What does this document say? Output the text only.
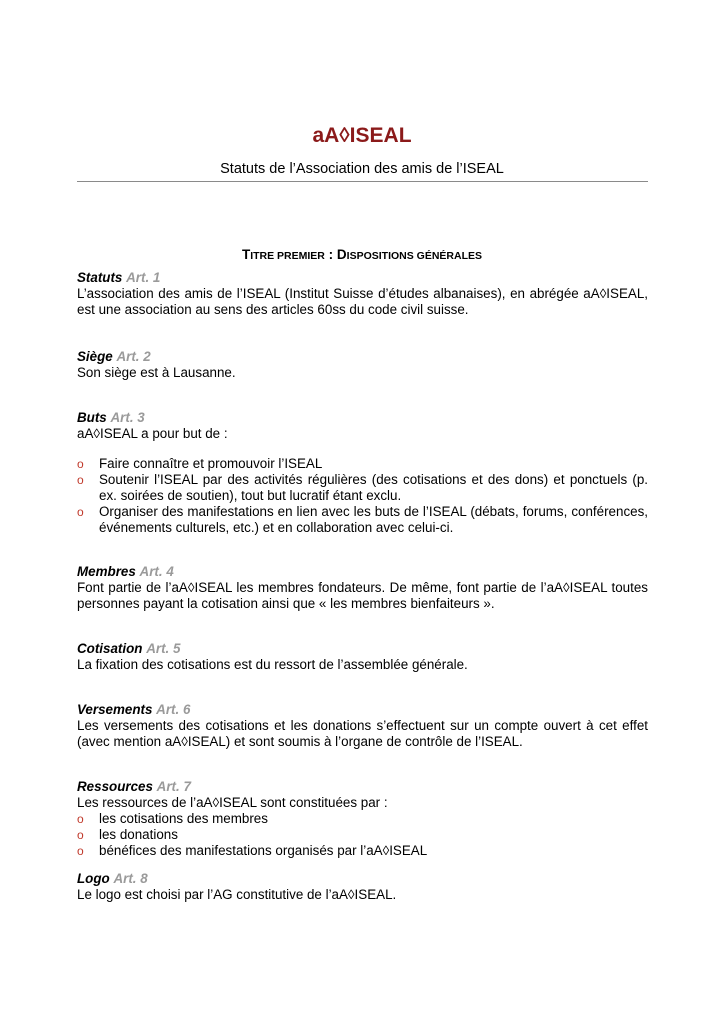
aA◊ISEAL
Statuts de l’Association des amis de l’ISEAL
TITRE PREMIER : DISPOSITIONS GÉNÉRALES
Statuts Art. 1

L’association des amis de l’ISEAL (Institut Suisse d’études albanaises), en abrégée aA◊ISEAL, est une association au sens des articles 60ss du code civil suisse.

Siège Art. 2

Son siège est à Lausanne.

Buts Art. 3

aA◊ISEAL a pour but de :

o Faire connaître et promouvoir l’ISEAL
o Soutenir l’ISEAL par des activités régulières (des cotisations et des dons) et ponctuels (p. ex. soirées de soutien), tout but lucratif étant exclu.
o Organiser des manifestations en lien avec les buts de l’ISEAL (débats, forums, conférences, événements culturels, etc.) et en collaboration avec celui-ci.
Membres Art. 4

Font partie de l’aA◊ISEAL les membres fondateurs. De même, font partie de l’aA◊ISEAL toutes personnes payant la cotisation ainsi que « les membres bienfaiteurs ».

Cotisation Art. 5

La fixation des cotisations est du ressort de l’assemblée générale.

Versements Art. 6

Les versements des cotisations et les donations s’effectuent sur un compte ouvert à cet effet (avec mention aA◊ISEAL) et sont soumis à l’organe de contrôle de l’ISEAL.

Ressources Art. 7

Les ressources de l’aA◊ISEAL sont constituées par :

o les cotisations des membres
o les donations
o bénéfices des manifestations organisés par l’aA◊ISEAL
Logo Art. 8

Le logo est choisi par l’AG constitutive de l’aA◊ISEAL.
